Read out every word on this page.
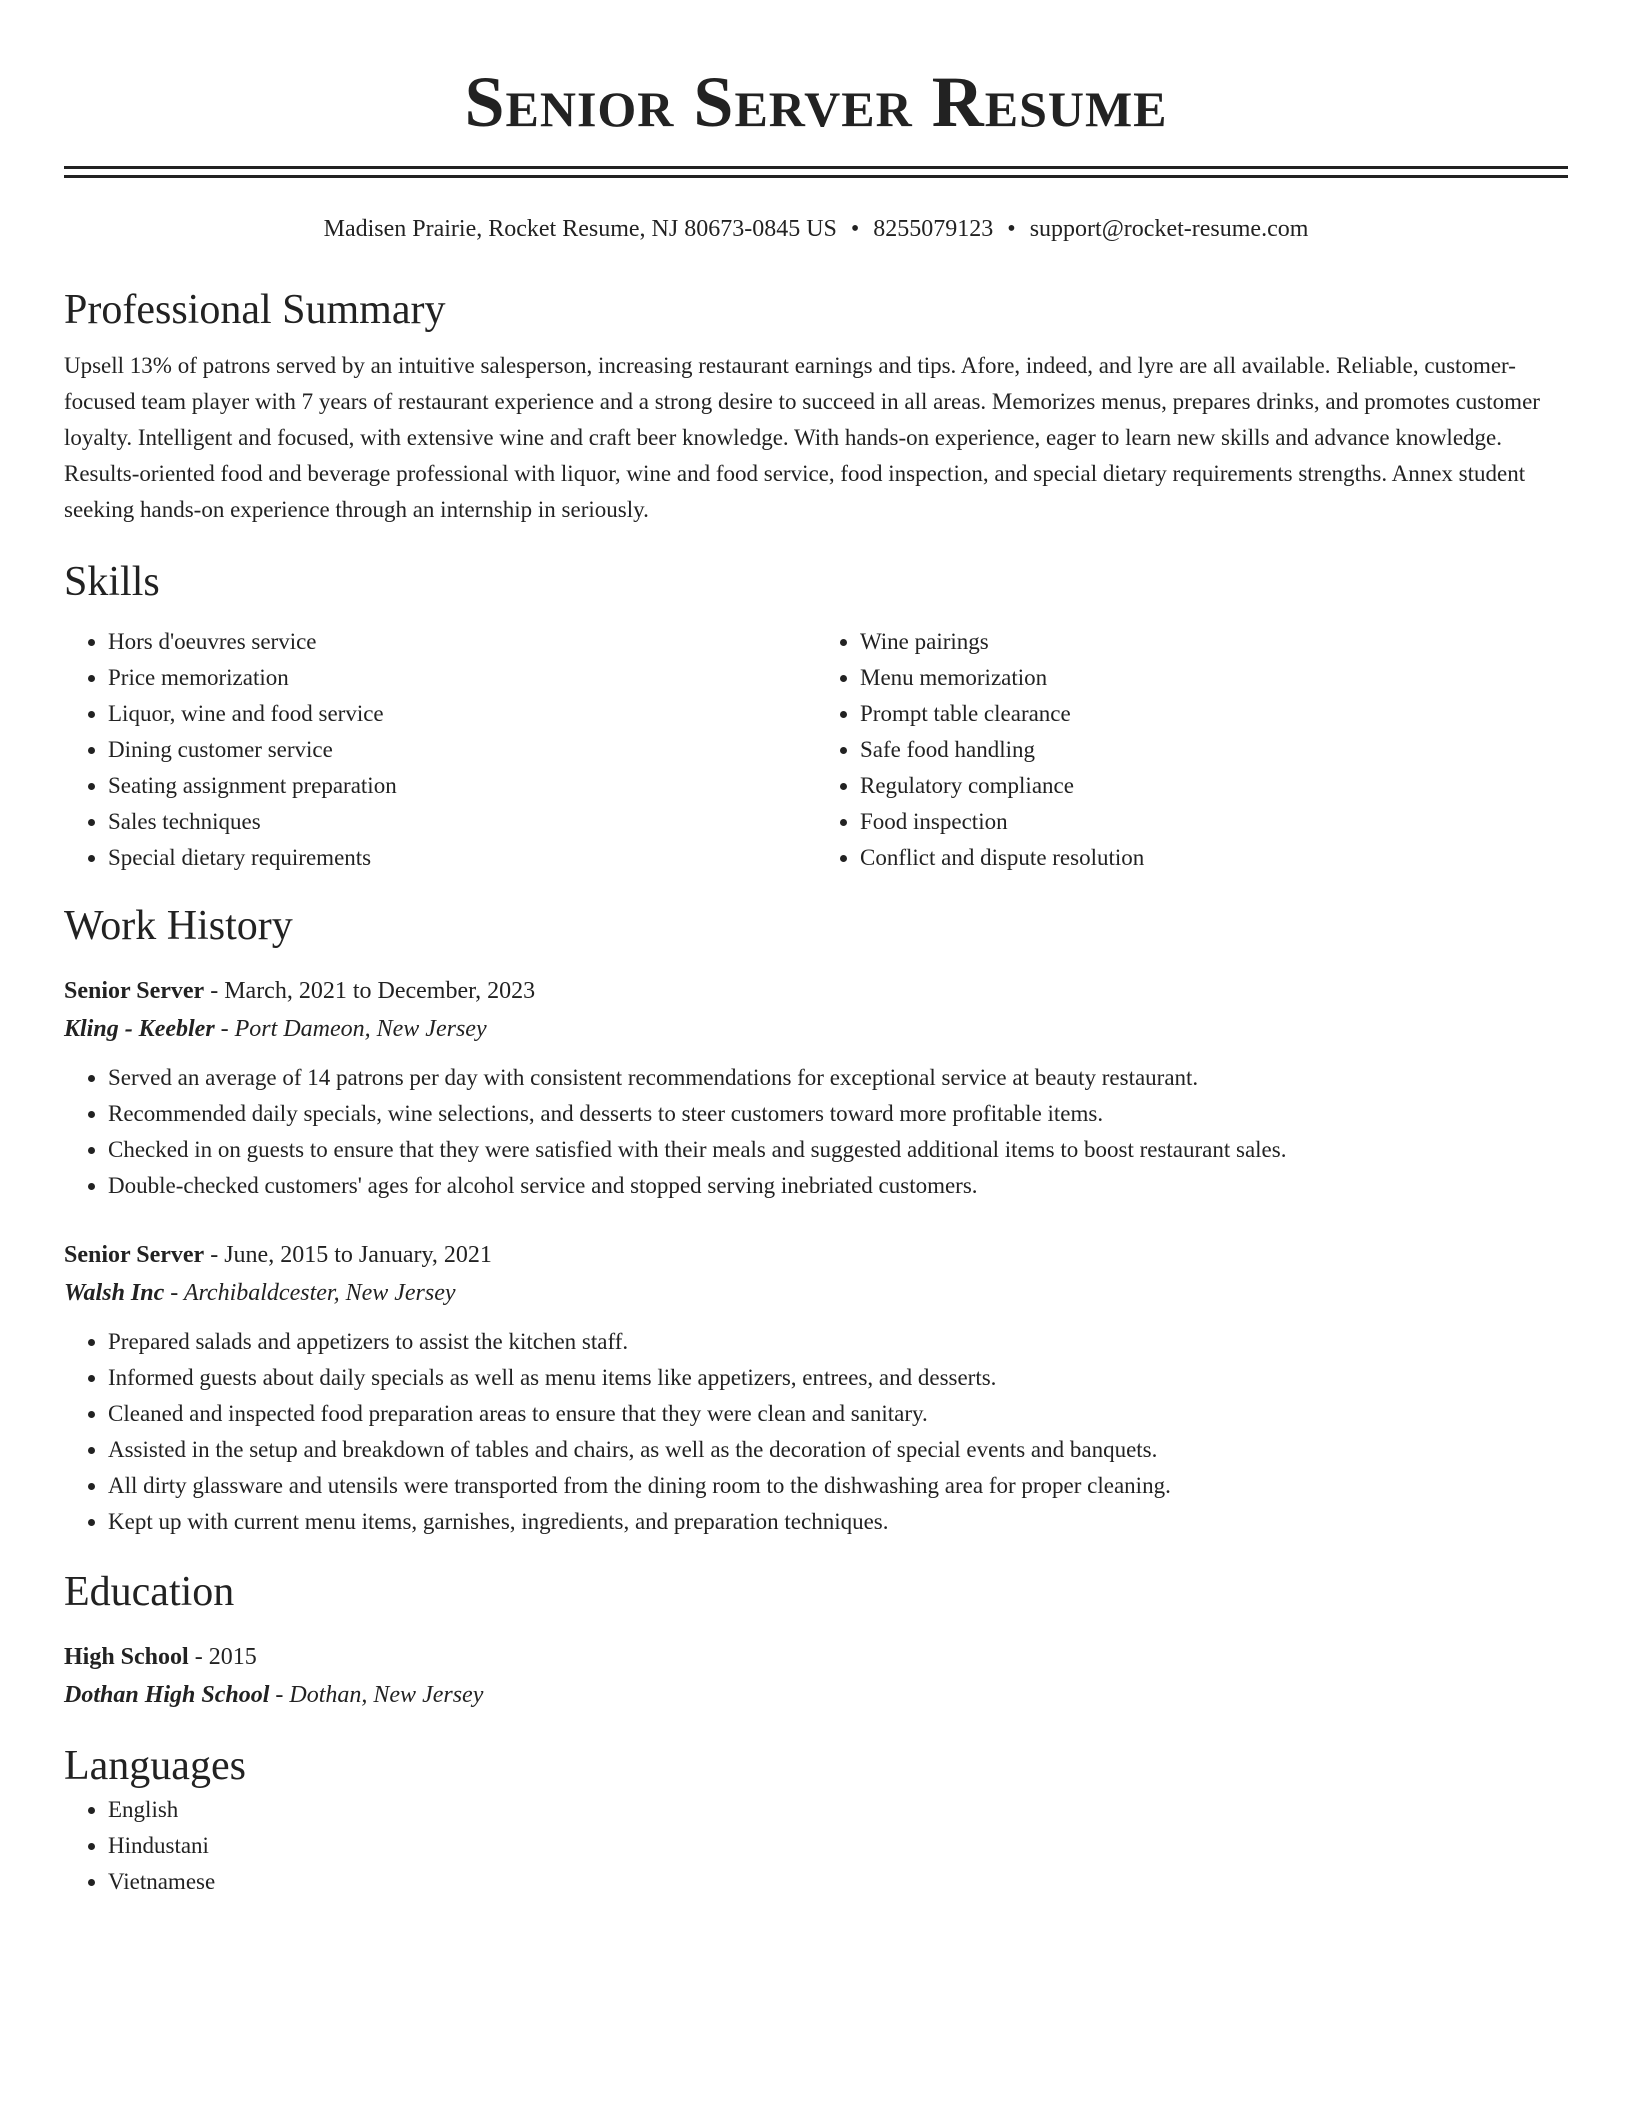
Senior Server Resume
Madisen Prairie, Rocket Resume, NJ 80673-0845 US • 8255079123 • support@rocket-resume.com
Professional Summary

Upsell 13% of patrons served by an intuitive salesperson, increasing restaurant earnings and tips. Afore, indeed, and lyre are all available. Reliable, customer-focused team player with 7 years of restaurant experience and a strong desire to succeed in all areas. Memorizes menus, prepares drinks, and promotes customer loyalty. Intelligent and focused, with extensive wine and craft beer knowledge. With hands-on experience, eager to learn new skills and advance knowledge. Results-oriented food and beverage professional with liquor, wine and food service, food inspection, and special dietary requirements strengths. Annex student seeking hands-on experience through an internship in seriously.

Skills
• Hors d'oeuvres service
• Price memorization
• Liquor, wine and food service
• Dining customer service
• Seating assignment preparation
• Sales techniques
• Special dietary requirements
• Wine pairings
• Menu memorization
• Prompt table clearance
• Safe food handling
• Regulatory compliance
• Food inspection
• Conflict and dispute resolution
Work History
Senior Server - March, 2021 to December, 2023
Kling - Keebler - Port Dameon, New Jersey
• Served an average of 14 patrons per day with consistent recommendations for exceptional service at beauty restaurant.
• Recommended daily specials, wine selections, and desserts to steer customers toward more profitable items.
• Checked in on guests to ensure that they were satisfied with their meals and suggested additional items to boost restaurant sales.
• Double-checked customers' ages for alcohol service and stopped serving inebriated customers.
Senior Server - June, 2015 to January, 2021
Walsh Inc - Archibaldcester, New Jersey
• Prepared salads and appetizers to assist the kitchen staff.
• Informed guests about daily specials as well as menu items like appetizers, entrees, and desserts.
• Cleaned and inspected food preparation areas to ensure that they were clean and sanitary.
• Assisted in the setup and breakdown of tables and chairs, as well as the decoration of special events and banquets.
• All dirty glassware and utensils were transported from the dining room to the dishwashing area for proper cleaning.
• Kept up with current menu items, garnishes, ingredients, and preparation techniques.
Education
High School - 2015
Dothan High School - Dothan, New Jersey
Languages
• English
• Hindustani
• Vietnamese
